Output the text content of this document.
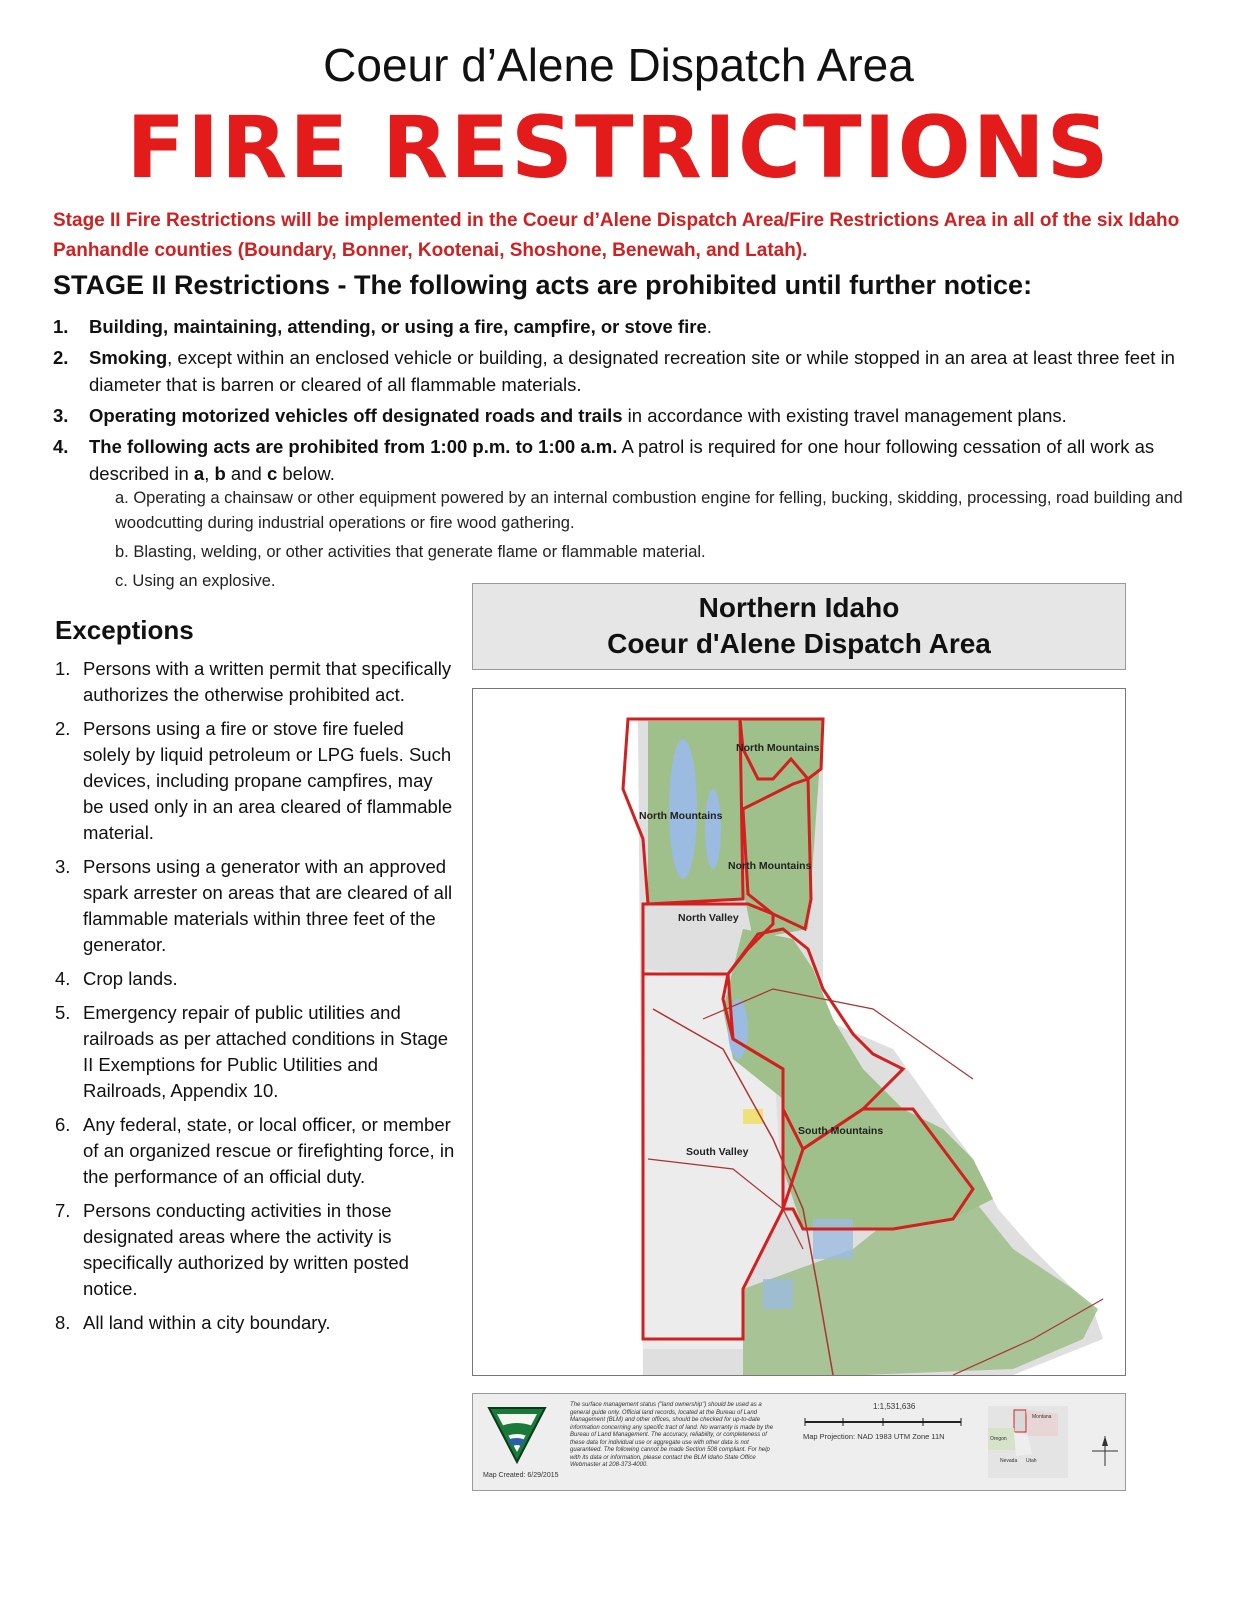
Coeur d’Alene Dispatch Area
FIRE RESTRICTIONS
Stage II Fire Restrictions will be implemented in the Coeur d’Alene Dispatch Area/Fire Restrictions Area in all of the six Idaho Panhandle counties (Boundary, Bonner, Kootenai, Shoshone, Benewah, and Latah).
STAGE II Restrictions - The following acts are prohibited until further notice:
1. Building, maintaining, attending, or using a fire, campfire, or stove fire.
2. Smoking, except within an enclosed vehicle or building, a designated recreation site or while stopped in an area at least three feet in diameter that is barren or cleared of all flammable materials.
3. Operating motorized vehicles off designated roads and trails in accordance with existing travel management plans.
4. The following acts are prohibited from 1:00 p.m. to 1:00 a.m. A patrol is required for one hour following cessation of all work as described in a, b and c below.
a. Operating a chainsaw or other equipment powered by an internal combustion engine for felling, bucking, skidding, processing, road building and woodcutting during industrial operations or fire wood gathering.
b. Blasting, welding, or other activities that generate flame or flammable material.
c. Using an explosive.
Exceptions
1. Persons with a written permit that specifically authorizes the otherwise prohibited act.
2. Persons using a fire or stove fire fueled solely by liquid petroleum or LPG fuels. Such devices, including propane campfires, may be used only in an area cleared of flammable material.
3. Persons using a generator with an approved spark arrester on areas that are cleared of all flammable materials within three feet of the generator.
4. Crop lands.
5. Emergency repair of public utilities and railroads as per attached conditions in Stage II Exemptions for Public Utilities and Railroads, Appendix 10.
6. Any federal, state, or local officer, or member of an organized rescue or firefighting force, in the performance of an official duty.
7. Persons conducting activities in those designated areas where the activity is specifically authorized by written posted notice.
8. All land within a city boundary.
Northern Idaho
Coeur d'Alene Dispatch Area
North Mountains
North Mountains
North Mountains
North Valley
South Mountains
South Valley
Map Created: 6/29/2015
The surface management status ("land ownership") should be used as a general guide only. Official land records, located at the Bureau of Land Management (BLM) and other offices, should be checked for up-to-date information concerning any specific tract of land. No warranty is made by the Bureau of Land Management. The accuracy, reliability, or completeness of these data for individual use or aggregate use with other data is not guaranteed. The following cannot be made Section 508 compliant. For help with its data or information, please contact the BLM Idaho State Office Webmaster at 208-373-4000.
1:1,531,636
Map Projection: NAD 1983 UTM Zone 11N
Montana
Oregon
Nevada Utah
